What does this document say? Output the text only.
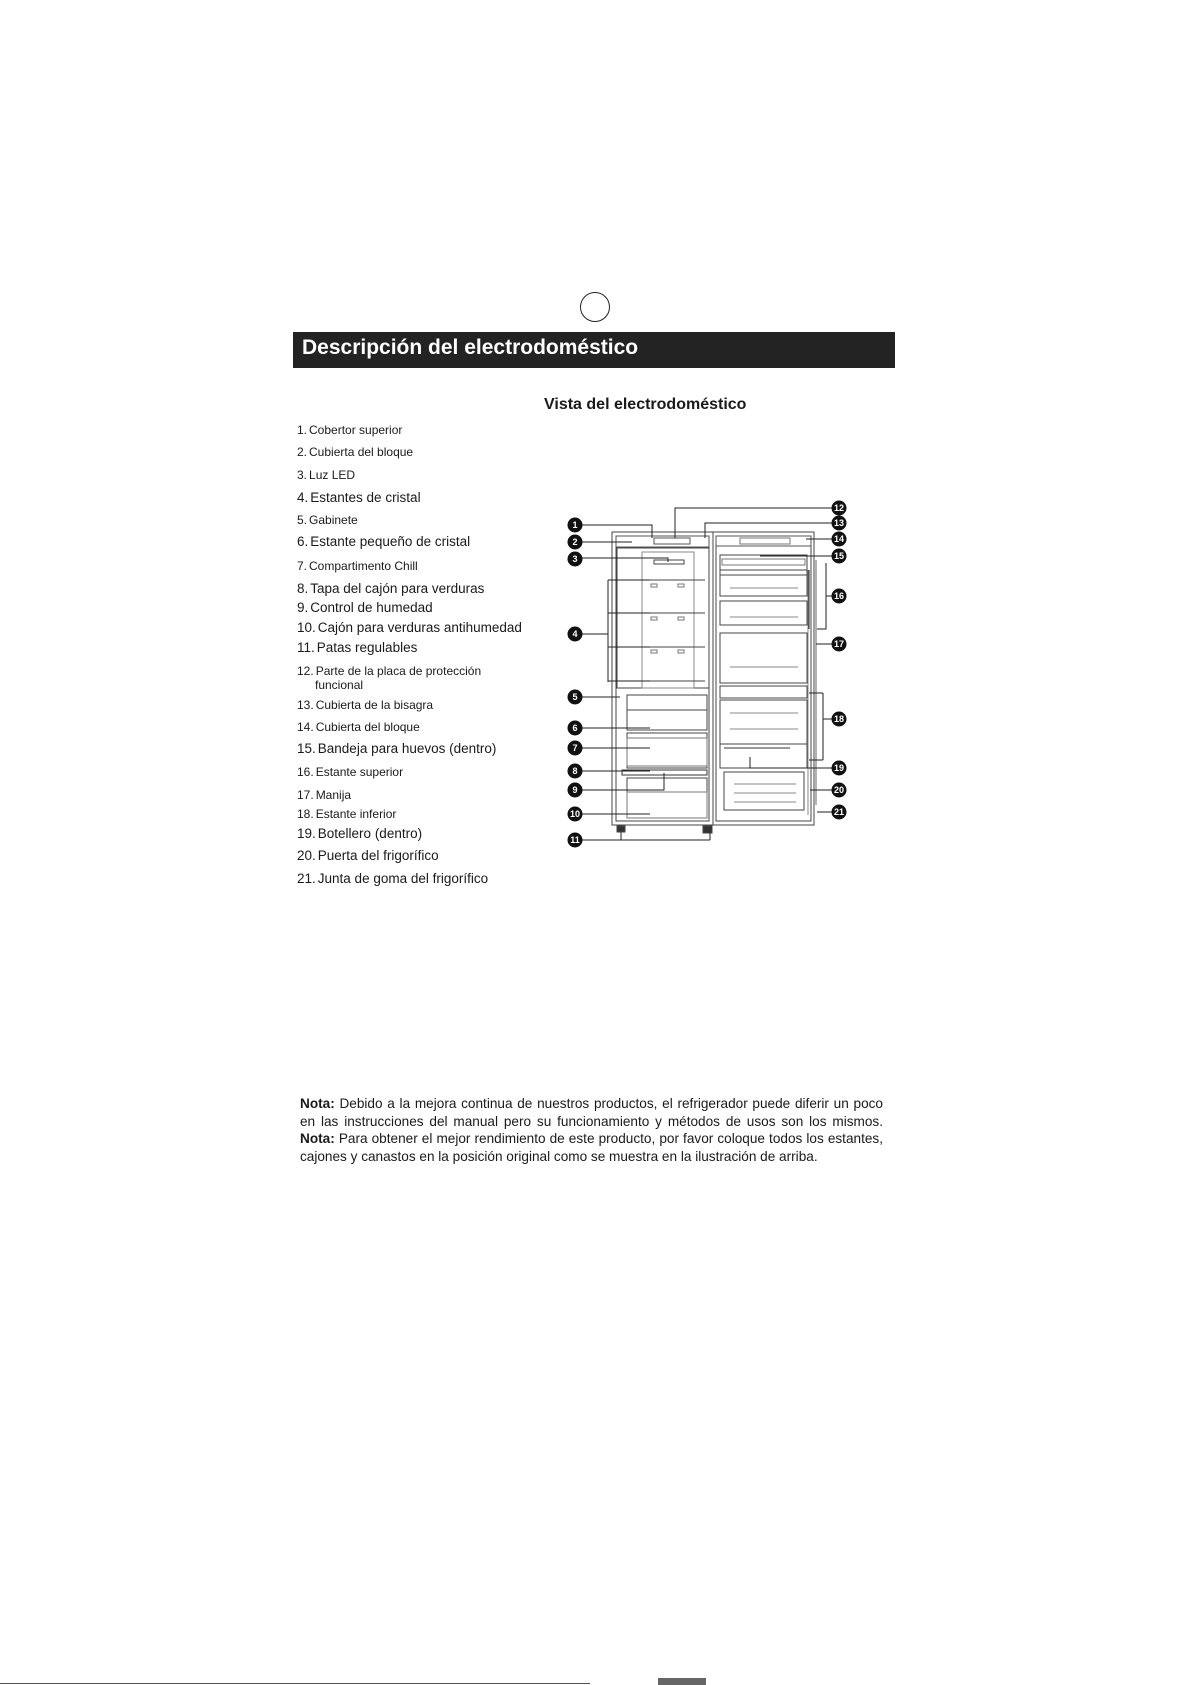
Descripción del electrodoméstico
Vista del electrodoméstico
1. Cobertor superior
2. Cubierta del bloque
3. Luz LED
4. Estantes de cristal
5. Gabinete
6. Estante pequeño de cristal
7. Compartimento Chill
8. Tapa del cajón para verduras
9. Control de humedad
10. Cajón para verduras antihumedad
11. Patas regulables
12. Parte de la placa de protección
funcional
13. Cubierta de la bisagra
14. Cubierta del bloque
15. Bandeja para huevos (dentro)
16. Estante superior
17. Manija
18. Estante inferior
19. Botellero (dentro)
20. Puerta del frigorífico
21. Junta de goma del frigorífico
1
2
3
4
5
6
7
8
9
10
11
12
13
14
15
16
17
18
19
20
21
Nota: Debido a la mejora continua de nuestros productos, el refrigerador puede diferir un poco en las instrucciones del manual pero su funcionamiento y métodos de usos son los mismos. Nota: Para obtener el mejor rendimiento de este producto, por favor coloque todos los estantes, cajones y canastos en la posición original como se muestra en la ilustración de arriba.
